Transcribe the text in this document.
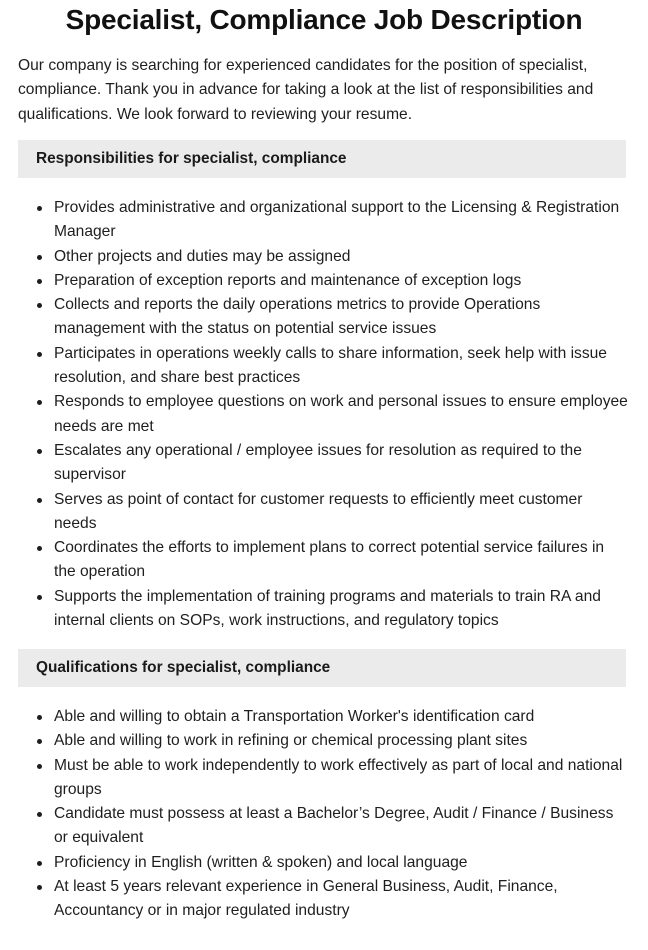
Specialist, Compliance Job Description

Our company is searching for experienced candidates for the position of specialist, compliance. Thank you in advance for taking a look at the list of responsibilities and qualifications. We look forward to reviewing your resume.

Responsibilities for specialist, compliance
Provides administrative and organizational support to the Licensing & Registration Manager
Other projects and duties may be assigned
Preparation of exception reports and maintenance of exception logs
Collects and reports the daily operations metrics to provide Operations management with the status on potential service issues
Participates in operations weekly calls to share information, seek help with issue resolution, and share best practices
Responds to employee questions on work and personal issues to ensure employee needs are met
Escalates any operational / employee issues for resolution as required to the supervisor
Serves as point of contact for customer requests to efficiently meet customer needs
Coordinates the efforts to implement plans to correct potential service failures in the operation
Supports the implementation of training programs and materials to train RA and internal clients on SOPs, work instructions, and regulatory topics
Qualifications for specialist, compliance
Able and willing to obtain a Transportation Worker's identification card
Able and willing to work in refining or chemical processing plant sites
Must be able to work independently to work effectively as part of local and national groups
Candidate must possess at least a Bachelor’s Degree, Audit / Finance / Business or equivalent
Proficiency in English (written & spoken) and local language
At least 5 years relevant experience in General Business, Audit, Finance, Accountancy or in major regulated industry
